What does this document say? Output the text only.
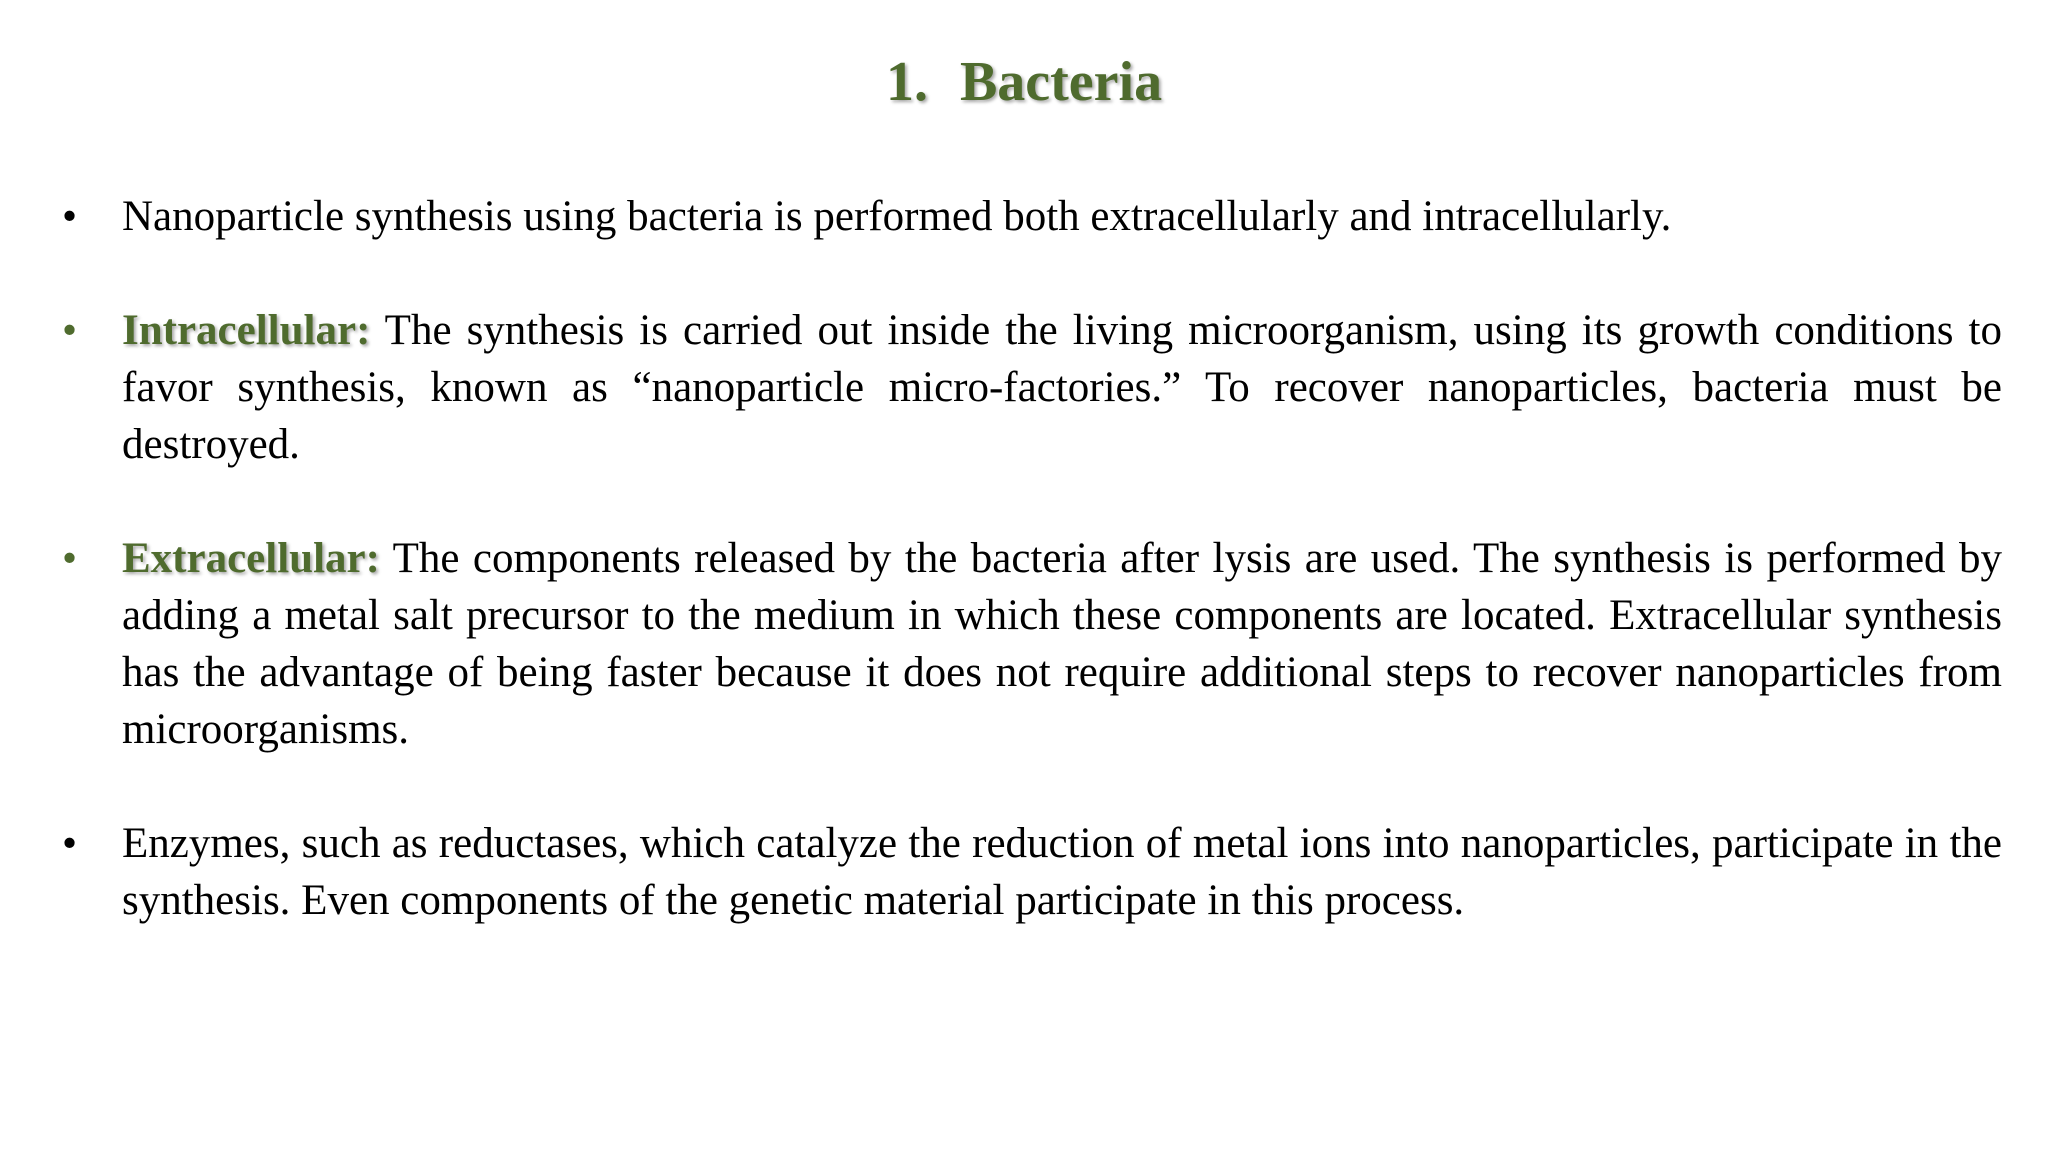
1. Bacteria
•	Nanoparticle synthesis using bacteria is performed both extracellularly and intracellularly.
•	Intracellular: The synthesis is carried out inside the living microorganism, using its growth conditions to favor synthesis, known as “nanoparticle micro-factories.” To recover nanoparticles, bacteria must be destroyed.
•	Extracellular: The components released by the bacteria after lysis are used. The synthesis is performed by adding a metal salt precursor to the medium in which these components are located. Extracellular synthesis has the advantage of being faster because it does not require additional steps to recover nanoparticles from microorganisms.
•	Enzymes, such as reductases, which catalyze the reduction of metal ions into nanoparticles, participate in the synthesis. Even components of the genetic material participate in this process.
